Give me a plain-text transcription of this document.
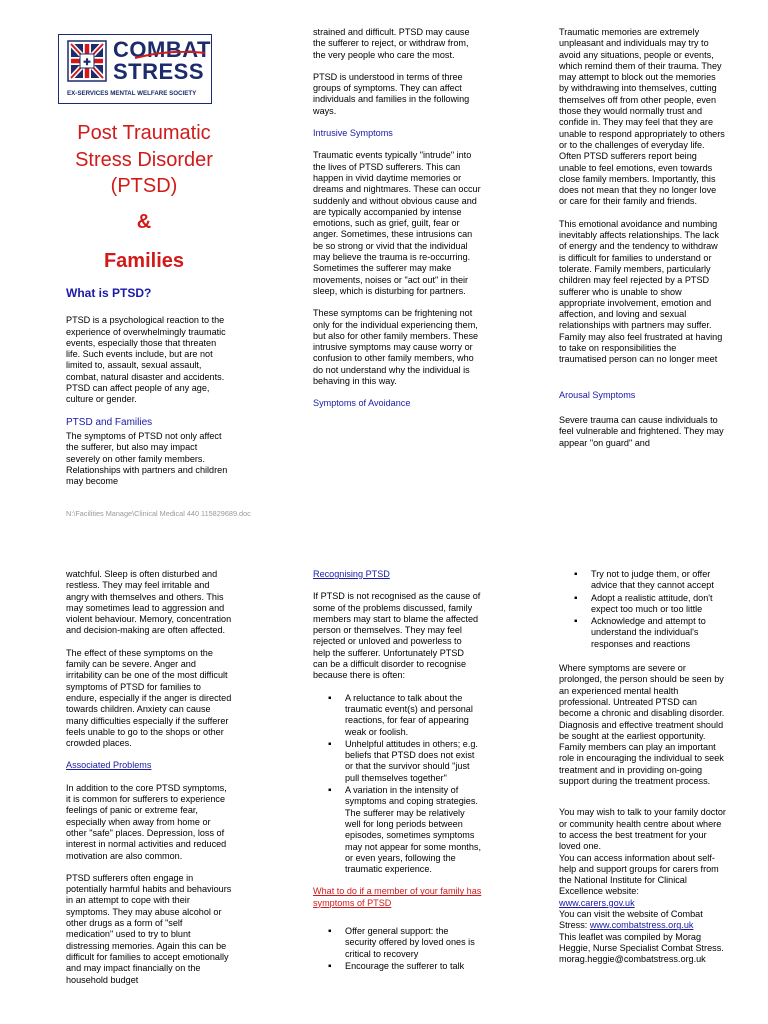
✚ COMBAT
STRESS
EX-SERVICES MENTAL WELFARE SOCIETY
Post Traumatic
Stress Disorder
(PTSD)
&
Families
What is PTSD?

PTSD is a psychological reaction to the experience of overwhelmingly traumatic events, especially those that threaten life. Such events include, but are not limited to, assault, sexual assault, combat, natural disaster and accidents. PTSD can affect people of any age, culture or gender.

PTSD and Families

The symptoms of PTSD not only affect the sufferer, but also may impact severely on other family members. Relationships with partners and children may become

N:\Facilities Manage\Clinical Medical 440 115829689.doc

strained and difficult. PTSD may cause the sufferer to reject, or withdraw from, the very people who care the most.

PTSD is understood in terms of three groups of symptoms. They can affect individuals and families in the following ways.

Intrusive Symptoms

Traumatic events typically "intrude" into the lives of PTSD sufferers. This can happen in vivid daytime memories or dreams and nightmares. These can occur suddenly and without obvious cause and are typically accompanied by intense emotions, such as grief, guilt, fear or anger. Sometimes, these intrusions can be so strong or vivid that the individual may believe the trauma is re-occurring. Sometimes the sufferer may make movements, noises or "act out" in their sleep, which is disturbing for partners.

These symptoms can be frightening not only for the individual experiencing them, but also for other family members. These intrusive symptoms may cause worry or confusion to other family members, who do not understand why the individual is behaving in this way.

Symptoms of Avoidance

Traumatic memories are extremely unpleasant and individuals may try to avoid any situations, people or events, which remind them of their trauma. They may attempt to block out the memories by withdrawing into themselves, cutting themselves off from other people, even those they would normally trust and confide in. They may feel that they are unable to respond appropriately to others or to the challenges of everyday life. Often PTSD sufferers report being unable to feel emotions, even towards close family members. Importantly, this does not mean that they no longer love or care for their family and friends.

This emotional avoidance and numbing inevitably affects relationships. The lack of energy and the tendency to withdraw is difficult for families to understand or tolerate. Family members, particularly children may feel rejected by a PTSD sufferer who is unable to show appropriate involvement, emotion and affection, and loving and sexual relationships with partners may suffer. Family may also feel frustrated at having to take on responsibilities the traumatised person can no longer meet

Arousal Symptoms

Severe trauma can cause individuals to feel vulnerable and frightened. They may appear "on guard" and

watchful. Sleep is often disturbed and restless. They may feel irritable and angry with themselves and others. This may sometimes lead to aggression and violent behaviour. Memory, concentration and decision-making are often affected.

The effect of these symptoms on the family can be severe. Anger and irritability can be one of the most difficult symptoms of PTSD for families to endure, especially if the anger is directed towards children. Anxiety can cause many difficulties especially if the sufferer feels unable to go to the shops or other crowded places.

Associated Problems

In addition to the core PTSD symptoms, it is common for sufferers to experience feelings of panic or extreme fear, especially when away from home or other "safe" places. Depression, loss of interest in normal activities and reduced motivation are also common.

PTSD sufferers often engage in potentially harmful habits and behaviours in an attempt to cope with their symptoms. They may abuse alcohol or other drugs as a form of "self medication" used to try to blunt distressing memories. Again this can be difficult for families to accept emotionally and may impact financially on the household budget

Recognising PTSD

If PTSD is not recognised as the cause of some of the problems discussed, family members may start to blame the affected person or themselves. They may feel rejected or unloved and powerless to help the sufferer. Unfortunately PTSD can be a difficult disorder to recognise because there is often:

▪ A reluctance to talk about the traumatic event(s) and personal reactions, for fear of appearing weak or foolish.
▪ Unhelpful attitudes in others; e.g. beliefs that PTSD does not exist or that the survivor should "just pull themselves together"
▪ A variation in the intensity of symptoms and coping strategies. The sufferer may be relatively well for long periods between episodes, sometimes symptoms may not appear for some months, or even years, following the traumatic experience.
What to do if a member of your family has symptoms of PTSD
▪ Offer general support: the security offered by loved ones is critical to recovery
▪ Encourage the sufferer to talk
▪ Try not to judge them, or offer advice that they cannot accept
▪ Adopt a realistic attitude, don't expect too much or too little
▪ Acknowledge and attempt to understand the individual's responses and reactions

Where symptoms are severe or prolonged, the person should be seen by an experienced mental health professional. Untreated PTSD can become a chronic and disabling disorder. Diagnosis and effective treatment should be sought at the earliest opportunity. Family members can play an important role in encouraging the individual to seek treatment and in providing on-going support during the treatment process.

You may wish to talk to your family doctor or community health centre about where to access the best treatment for your loved one.
You can access information about self-help and support groups for carers from the National Institute for Clinical Excellence website:
www.carers.gov.uk
You can visit the website of Combat Stress: www.combatstress.org.uk
This leaflet was compiled by Morag Heggie, Nurse Specialist Combat Stress.
morag.heggie@combatstress.org.uk
